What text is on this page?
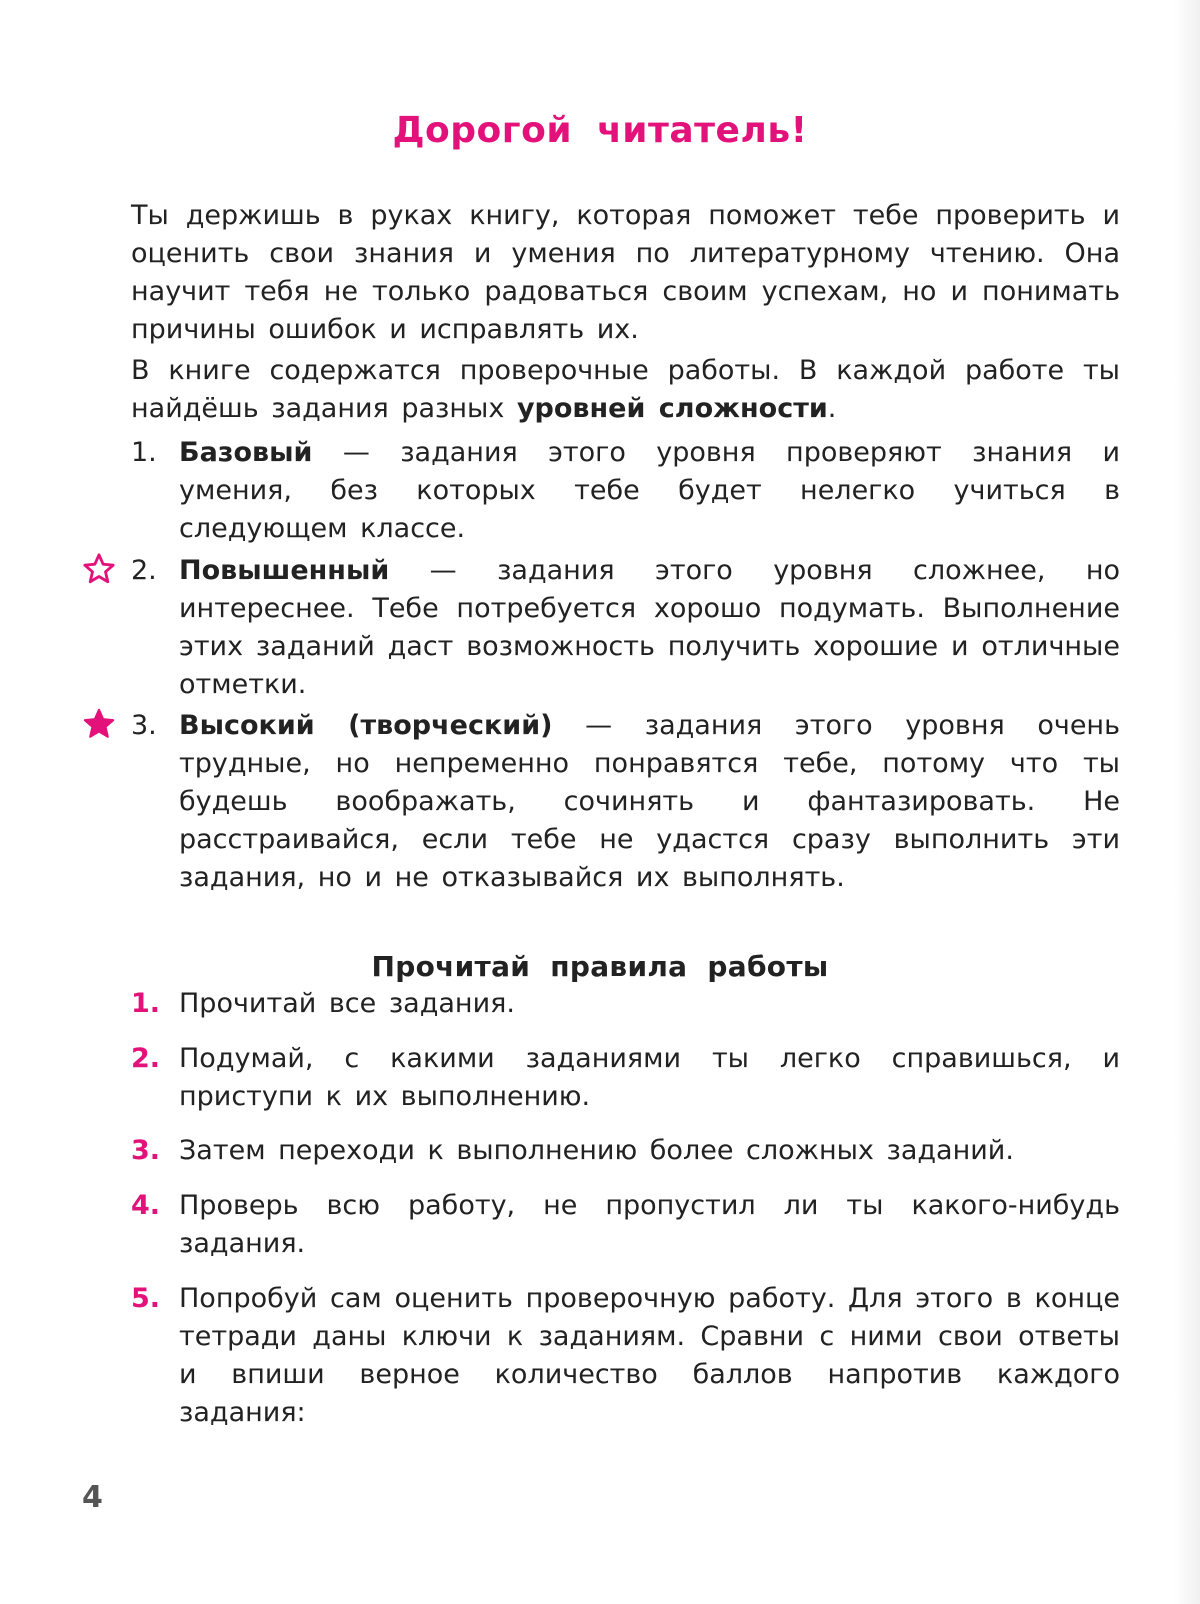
Дорогой читатель!
Ты держишь в руках книгу, которая поможет тебе проверить и оценить свои знания и умения по литературному чтению. Она научит тебя не только радоваться своим успехам, но и понимать причины ошибок и исправлять их.
В книге содержатся проверочные работы. В каждой работе ты найдёшь задания разных уровней сложности.
1. Базовый — задания этого уровня проверяют знания и умения, без которых тебе будет нелегко учиться в следующем классе.
2. Повышенный — задания этого уровня сложнее, но интереснее. Тебе потребуется хорошо подумать. Выполнение этих заданий даст возможность получить хорошие и отличные отметки.
3. Высокий (творческий) — задания этого уровня очень трудные, но непременно понравятся тебе, потому что ты будешь воображать, сочинять и фантазировать. Не расстраивайся, если тебе не удастся сразу выполнить эти задания, но и не отказывайся их выполнять.
Прочитай правила работы
1. Прочитай все задания.
2. Подумай, с какими заданиями ты легко справишься, и приступи к их выполнению.
3. Затем переходи к выполнению более сложных заданий.
4. Проверь всю работу, не пропустил ли ты какого-нибудь задания.
5. Попробуй сам оценить проверочную работу. Для этого в конце тетради даны ключи к заданиям. Сравни с ними свои ответы и впиши верное количество баллов напротив каждого задания:
4
